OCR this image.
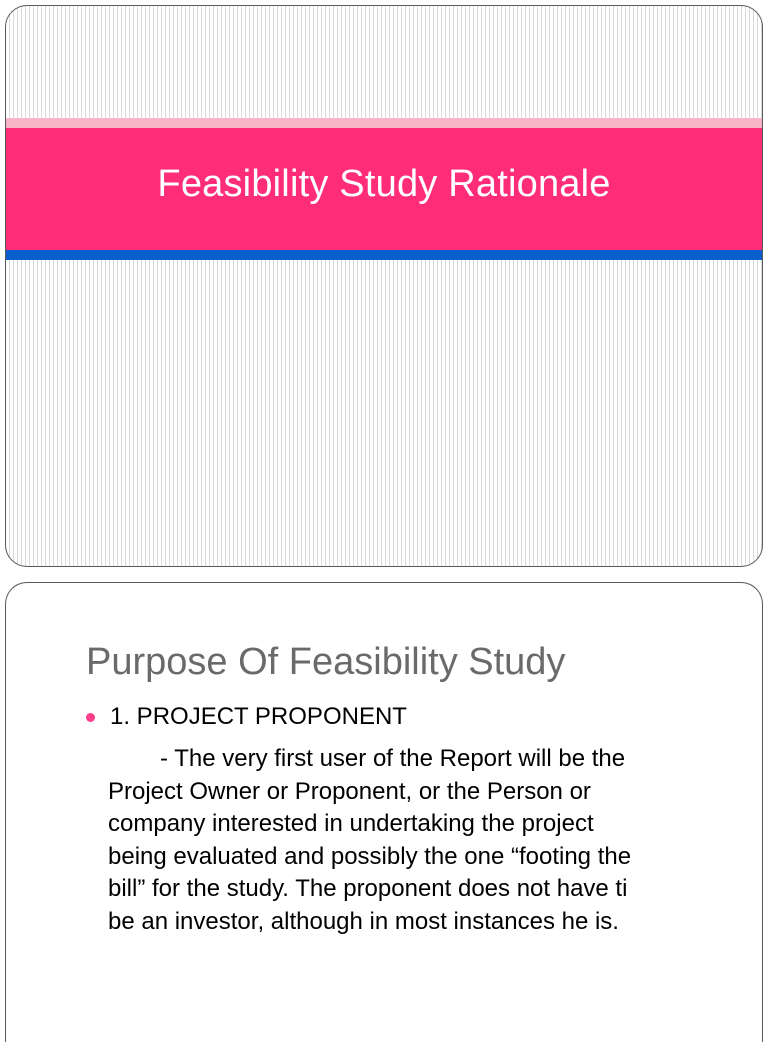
Feasibility Study Rationale
Purpose Of Feasibility Study
1. PROJECT PROPONENT
- The very first user of the Report will be the
Project Owner or Proponent, or the Person or
company interested in undertaking the project
being evaluated and possibly the one “footing the
bill” for the study. The proponent does not have ti
be an investor, although in most instances he is.
